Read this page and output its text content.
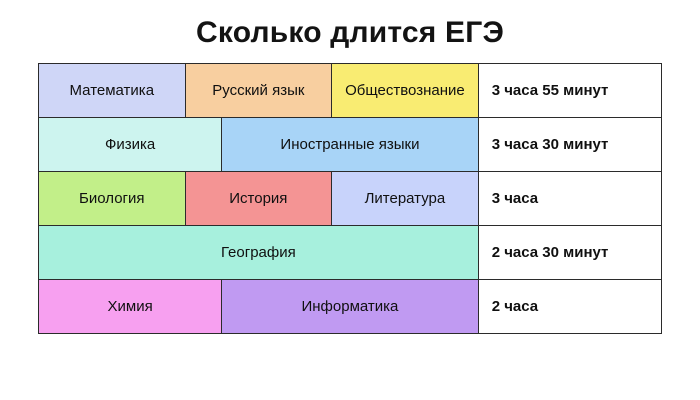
Сколько длится ЕГЭ
Математика	Русский язык		Обществознание	3 часа 55 минут
Физика		Иностранные языки		3 часа 30 минут
Биология	История		Литература	3 часа
География				2 часа 30 минут
Химия		Информатика		2 часа
